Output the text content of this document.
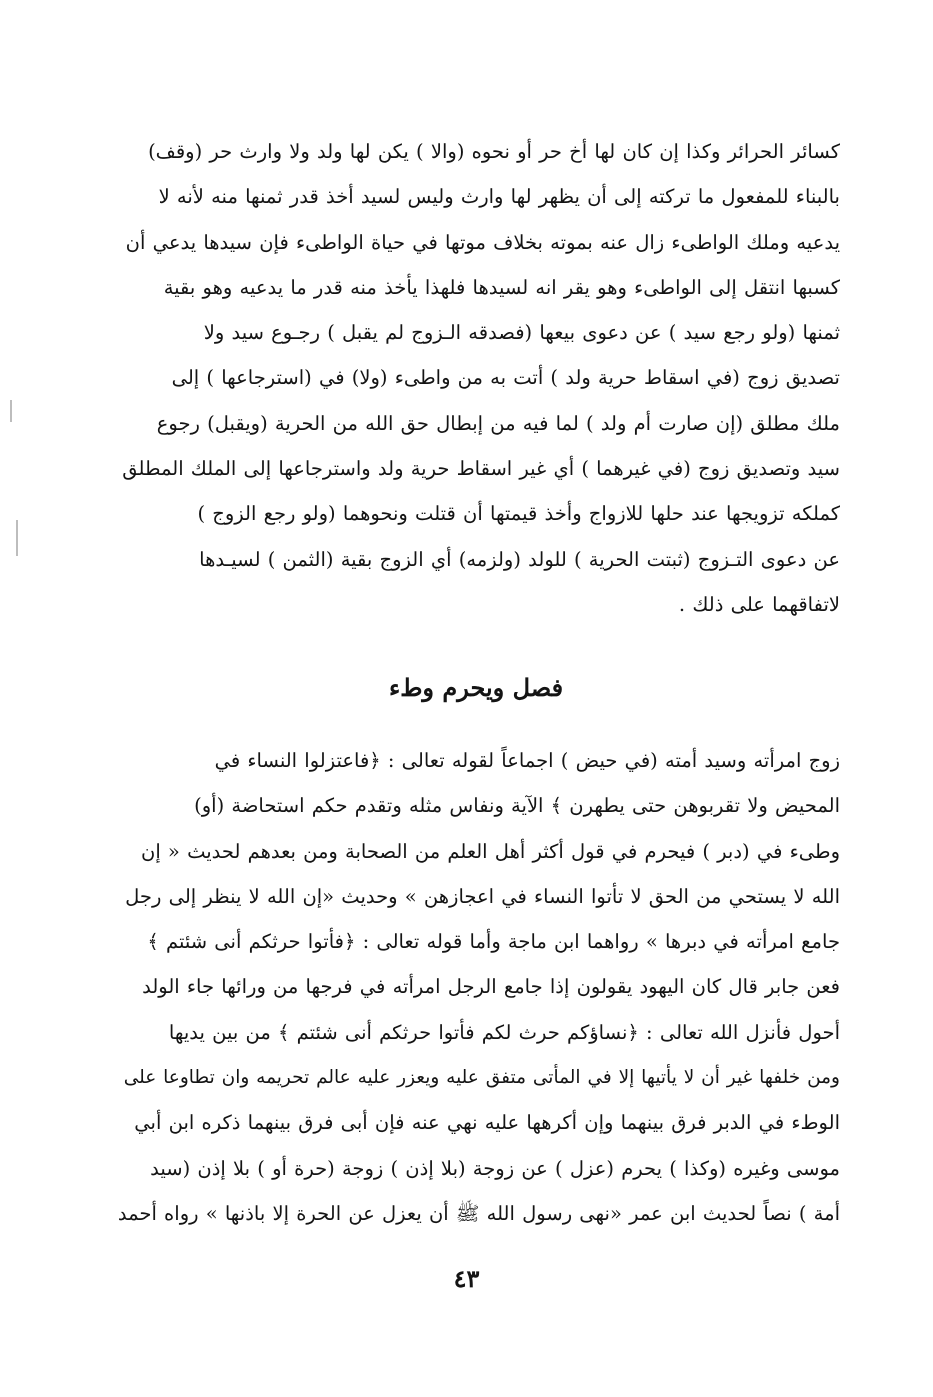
كسائر الحرائر وكذا إن كان لها أخ حر أو نحوه (والا ) يكن لها ولد ولا وارث حر (وقف)
بالبناء للمفعول ما تركته إلى أن يظهر لها وارث وليس لسيد أخذ قدر ثمنها منه لأنه لا
يدعيه وملك الواطىء زال عنه بموته بخلاف موتها في حياة الواطىء فإن سيدها يدعي أن
كسبها انتقل إلى الواطىء وهو يقر انه لسيدها فلهذا يأخذ منه قدر ما يدعيه وهو بقية
ثمنها (ولو رجع سيد ) عن دعوى بيعها (فصدقه الـزوج لم يقبل ) رجـوع سيد ولا
تصديق زوج (في اسقاط حرية ولد ) أتت به من واطىء (ولا) في (استرجاعها ) إلى
ملك مطلق (إن صارت أم ولد ) لما فيه من إبطال حق الله من الحرية (ويقبل) رجوع
سيد وتصديق زوج (في غيرهما ) أي غير اسقاط حرية ولد واسترجاعها إلى الملك المطلق
كملكه تزويجها عند حلها للازواج وأخذ قيمتها أن قتلت ونحوهما (ولو رجع الزوج )
عن دعوى التـزوج (ثبتت الحرية ) للولد (ولزمه) أي الزوج بقية (الثمن ) لسيـدها
لاتفاقهما على ذلك .
فصل ويحرم وطء
زوج امرأته وسيد أمته (في حيض ) اجماعاً لقوله تعالى : ﴿فاعتزلوا النساء في
المحيض ولا تقربوهن حتى يطهرن ﴾ الآية ونفاس مثله وتقدم حكم استحاضة (أو)
وطىء في (دبر ) فيحرم في قول أكثر أهل العلم من الصحابة ومن بعدهم لحديث « إن
الله لا يستحي من الحق لا تأتوا النساء في اعجازهن » وحديث «إن الله لا ينظر إلى رجل
جامع امرأته في دبرها » رواهما ابن ماجة وأما قوله تعالى : ﴿فأتوا حرثكم أنى شئتم ﴾
فعن جابر قال كان اليهود يقولون إذا جامع الرجل امرأته في فرجها من ورائها جاء الولد
أحول فأنزل الله تعالى : ﴿نساؤكم حرث لكم فأتوا حرثكم أنى شئتم ﴾ من بين يديها
ومن خلفها غير أن لا يأتيها إلا في المأتى متفق عليه ويعزر عليه عالم تحريمه وان تطاوعا على
الوطء في الدبر فرق بينهما وإن أكرهها عليه نهي عنه فإن أبى فرق بينهما ذكره ابن أبي
موسى وغيره (وكذا ) يحرم (عزل ) عن زوجة (بلا إذن ) زوجة (حرة أو ) بلا إذن (سيد
أمة ) نصاً لحديث ابن عمر «نهى رسول الله ﷺ أن يعزل عن الحرة إلا باذنها » رواه أحمد
٤٣
